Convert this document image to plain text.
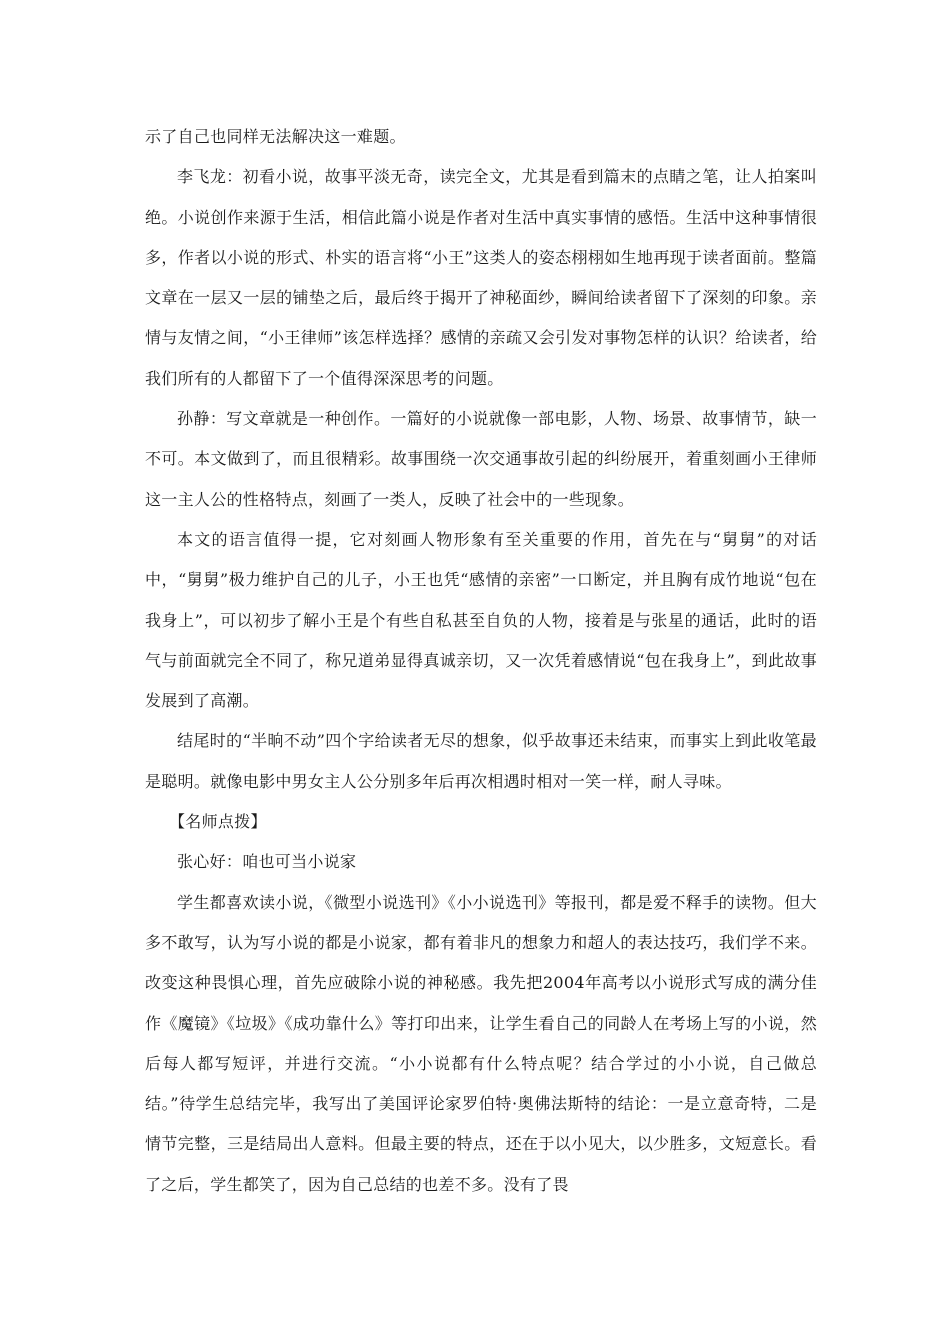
示了自己也同样无法解决这一难题。

李飞龙：初看小说，故事平淡无奇，读完全文，尤其是看到篇末的点睛之笔，让人拍案叫绝。小说创作来源于生活，相信此篇小说是作者对生活中真实事情的感悟。生活中这种事情很多，作者以小说的形式、朴实的语言将“小王”这类人的姿态栩栩如生地再现于读者面前。整篇文章在一层又一层的铺垫之后，最后终于揭开了神秘面纱，瞬间给读者留下了深刻的印象。亲情与友情之间，“小王律师”该怎样选择？感情的亲疏又会引发对事物怎样的认识？给读者，给我们所有的人都留下了一个值得深深思考的问题。

孙静：写文章就是一种创作。一篇好的小说就像一部电影，人物、场景、故事情节，缺一不可。本文做到了，而且很精彩。故事围绕一次交通事故引起的纠纷展开，着重刻画小王律师这一主人公的性格特点，刻画了一类人，反映了社会中的一些现象。

本文的语言值得一提，它对刻画人物形象有至关重要的作用，首先在与“舅舅”的对话中，“舅舅”极力维护自己的儿子，小王也凭“感情的亲密”一口断定，并且胸有成竹地说“包在我身上”，可以初步了解小王是个有些自私甚至自负的人物，接着是与张星的通话，此时的语气与前面就完全不同了，称兄道弟显得真诚亲切，又一次凭着感情说“包在我身上”，到此故事发展到了高潮。

结尾时的“半晌不动”四个字给读者无尽的想象，似乎故事还未结束，而事实上到此收笔最是聪明。就像电影中男女主人公分别多年后再次相遇时相对一笑一样，耐人寻味。

【名师点拨】

张心好：咱也可当小说家

学生都喜欢读小说，《微型小说选刊》《小小说选刊》等报刊，都是爱不释手的读物。但大多不敢写，认为写小说的都是小说家，都有着非凡的想象力和超人的表达技巧，我们学不来。改变这种畏惧心理，首先应破除小说的神秘感。我先把2004年高考以小说形式写成的满分佳作《魔镜》《垃圾》《成功靠什么》等打印出来，让学生看自己的同龄人在考场上写的小说，然后每人都写短评，并进行交流。“小小说都有什么特点呢？结合学过的小小说，自己做总结。”待学生总结完毕，我写出了美国评论家罗伯特·奥佛法斯特的结论：一是立意奇特，二是情节完整，三是结局出人意料。但最主要的特点，还在于以小见大，以少胜多，文短意长。看了之后，学生都笑了，因为自己总结的也差不多。没有了畏
